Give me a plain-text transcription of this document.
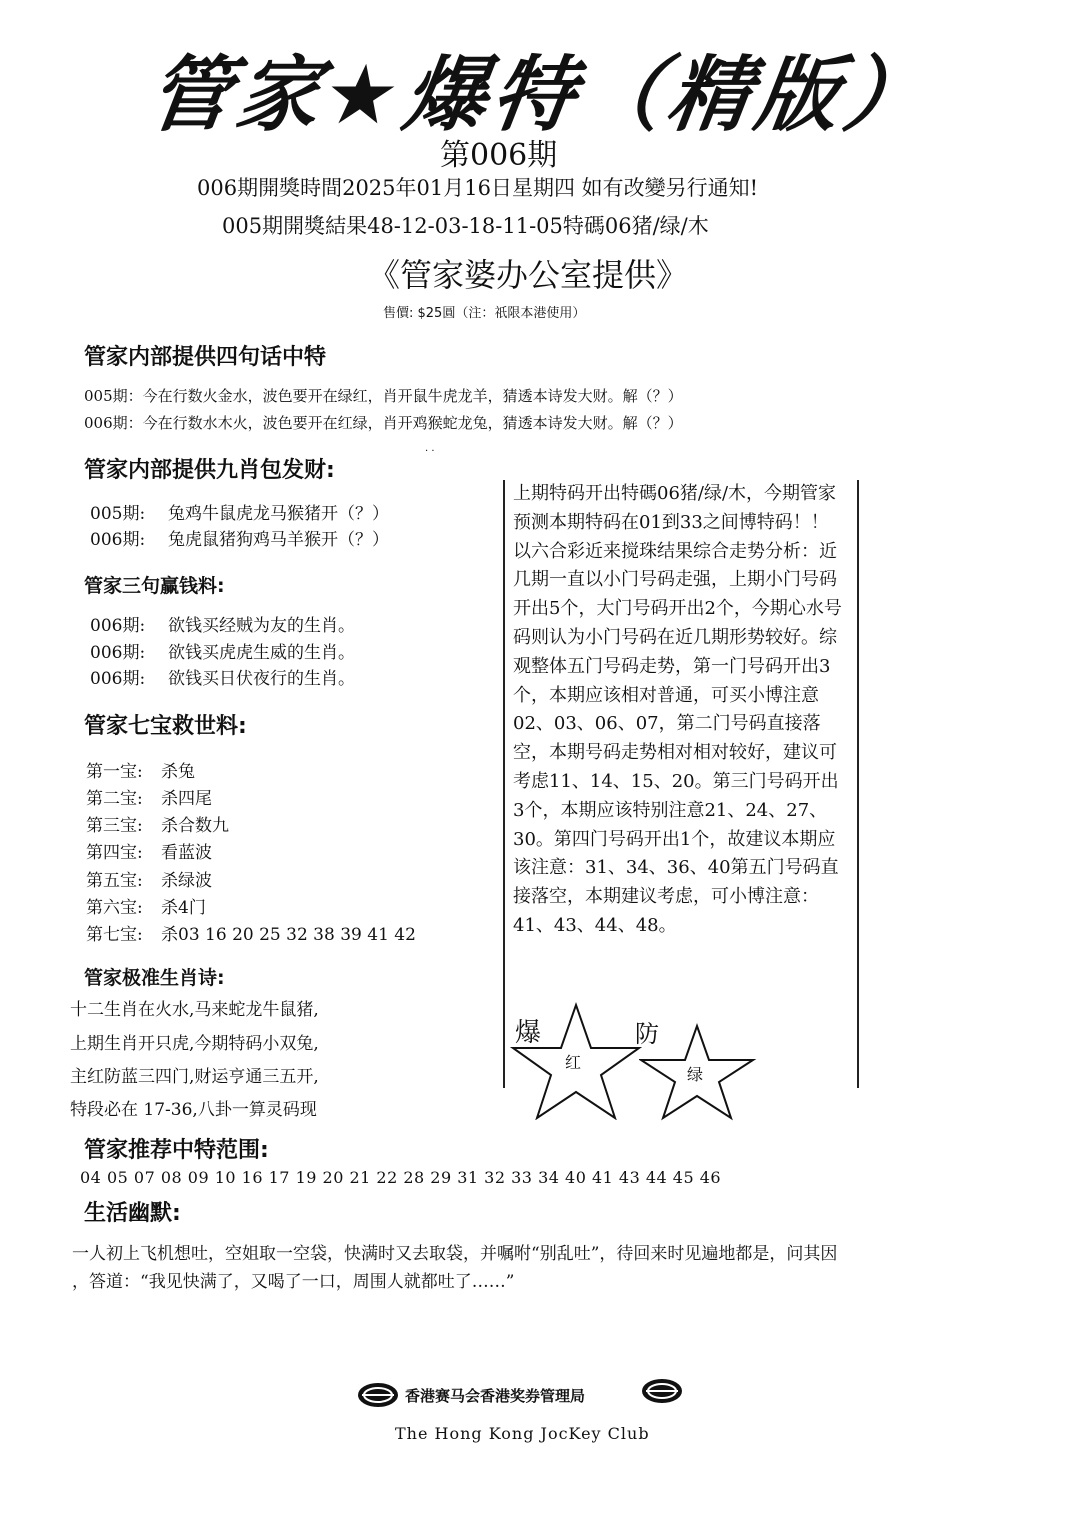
管家★爆特（精版）
第006期
006期開獎時間2025年01月16日星期四 如有改變另行通知!
005期開獎結果48-12-03-18-11-05特碼06猪/绿/木
《管家婆办公室提供》
售價: $25圓（注：祇限本港使用）
管家内部提供四句话中特
005期：今在行数火金水，波色要开在绿红，肖开鼠牛虎龙羊，猜透本诗发大财。解（？）
006期：今在行数水木火，波色要开在红绿，肖开鸡猴蛇龙兔，猜透本诗发大财。解（？）
· ·
管家内部提供九肖包发财:
005期: 兔鸡牛鼠虎龙马猴猪开（？）
006期: 兔虎鼠猪狗鸡马羊猴开（？）
管家三句赢钱料:
006期: 欲钱买经贼为友的生肖。
006期: 欲钱买虎虎生威的生肖。
006期: 欲钱买日伏夜行的生肖。
管家七宝救世料:
第一宝: 杀兔
第二宝: 杀四尾
第三宝: 杀合数九
第四宝: 看蓝波
第五宝: 杀绿波
第六宝: 杀4门
第七宝: 杀03 16 20 25 32 38 39 41 42
管家极准生肖诗:
十二生肖在火水,马来蛇龙牛鼠猪,
上期生肖开只虎,今期特码小双兔,
主红防蓝三四门,财运亨通三五开,
特段必在 17-36,八卦一算灵码现
上期特码开出特碼06猪/绿/木，今期管家预测本期特码在01到33之间博特码！！ 以六合彩近来搅珠结果综合走势分析：近几期一直以小门号码走强，上期小门号码开出5个，大门号码开出2个，今期心水号码则认为小门号码在近几期形势较好。综观整体五门号码走势，第一门号码开出3个，本期应该相对普通，可买小博注意02、03、06、07，第二门号码直接落空，本期号码走势相对相对较好，建议可考虑11、14、15、20。第三门号码开出3个，本期应该特别注意21、24、27、30。第四门号码开出1个，故建议本期应该注意：31、34、36、40第五门号码直接落空，本期建议考虑，可小博注意：41、43、44、48。
爆	防
红
绿
管家推荐中特范围:
04 05 07 08 09 10 16 17 19 20 21 22 28 29 31 32 33 34 40 41 43 44 45 46
生活幽默:
一人初上飞机想吐，空姐取一空袋，快满时又去取袋，并嘱咐“别乱吐”，待回来时见遍地都是，问其因
，答道：“我见快满了，又喝了一口，周围人就都吐了……”
香港赛马会香港奖券管理局
The Hong Kong JocKey Club
